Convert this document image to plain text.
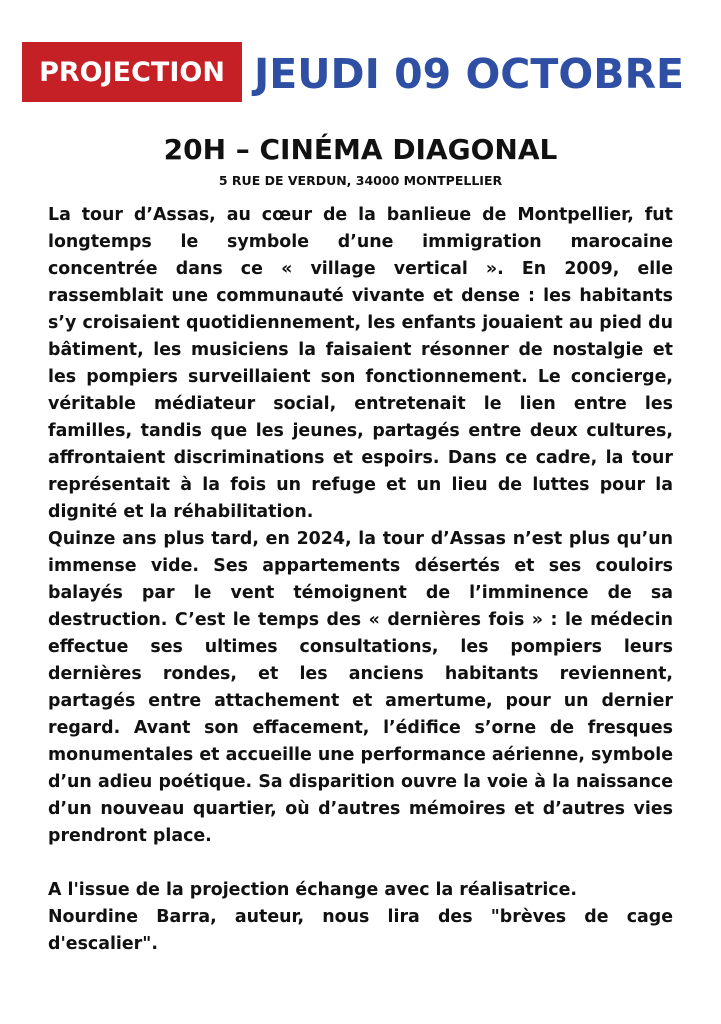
PROJECTION JEUDI 09 OCTOBRE
20H – CINÉMA DIAGONAL
5 RUE DE VERDUN, 34000 MONTPELLIER

La tour d’Assas, au cœur de la banlieue de Montpellier, fut longtemps le symbole d’une immigration marocaine concentrée dans ce « village vertical ». En 2009, elle rassemblait une communauté vivante et dense : les habitants s’y croisaient quotidiennement, les enfants jouaient au pied du bâtiment, les musiciens la faisaient résonner de nostalgie et les pompiers surveillaient son fonctionnement. Le concierge, véritable médiateur social, entretenait le lien entre les familles, tandis que les jeunes, partagés entre deux cultures, affrontaient discriminations et espoirs. Dans ce cadre, la tour représentait à la fois un refuge et un lieu de luttes pour la dignité et la réhabilitation.

Quinze ans plus tard, en 2024, la tour d’Assas n’est plus qu’un immense vide. Ses appartements désertés et ses couloirs balayés par le vent témoignent de l’imminence de sa destruction. C’est le temps des « dernières fois » : le médecin effectue ses ultimes consultations, les pompiers leurs dernières rondes, et les anciens habitants reviennent, partagés entre attachement et amertume, pour un dernier regard. Avant son effacement, l’édifice s’orne de fresques monumentales et accueille une performance aérienne, symbole d’un adieu poétique. Sa disparition ouvre la voie à la naissance d’un nouveau quartier, où d’autres mémoires et d’autres vies prendront place.

A l'issue de la projection échange avec la réalisatrice.

Nourdine Barra, auteur, nous lira des "brèves de cage d'escalier".
